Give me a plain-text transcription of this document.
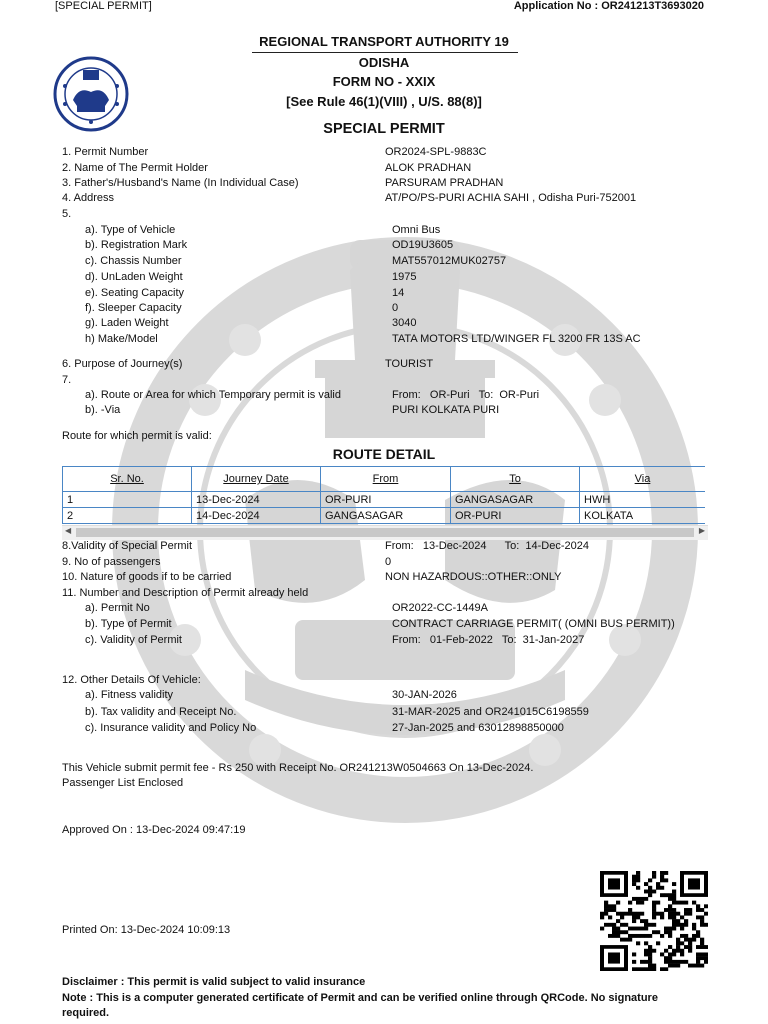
[SPECIAL PERMIT]	Application No : OR241213T3693020
REGIONAL TRANSPORT AUTHORITY 19
ODISHA
FORM NO - XXIX
[See Rule 46(1)(VIII) , U/S. 88(8)]
SPECIAL PERMIT
1. Permit Number	OR2024-SPL-9883C
2. Name of The Permit Holder	ALOK PRADHAN
3. Father's/Husband's Name (In Individual Case)	PARSURAM PRADHAN
4. Address	AT/PO/PS-PURI ACHIA SAHI , Odisha Puri-752001
5.
a). Type of Vehicle	Omni Bus
b). Registration Mark	OD19U3605
c). Chassis Number	MAT557012MUK02757
d). UnLaden Weight	1975
e). Seating Capacity	14
f). Sleeper Capacity	0
g). Laden Weight	3040
h) Make/Model	TATA MOTORS LTD/WINGER FL 3200 FR 13S AC
6. Purpose of Journey(s)	TOURIST
7.
a). Route or Area for which Temporary permit is valid	From:   OR-Puri   To:  OR-Puri
b). -Via	PURI KOLKATA PURI
Route for which permit is valid:
ROUTE DETAIL
Sr. No.	Journey Date	From	To	Via
1	13-Dec-2024	OR-PURI	GANGASAGAR	HWH
2	14-Dec-2024	GANGASAGAR	OR-PURI	KOLKATA
◀	▶
8.Validity of Special Permit	From:   13-Dec-2024      To:  14-Dec-2024
9. No of passengers	0
10. Nature of goods if to be carried	NON HAZARDOUS::OTHER::ONLY
11. Number and Description of Permit already held
a). Permit No	OR2022-CC-1449A
b). Type of Permit	CONTRACT CARRIAGE PERMIT( (OMNI BUS PERMIT))
c). Validity of Permit	From:   01-Feb-2022   To:  31-Jan-2027
12. Other Details Of Vehicle:
a). Fitness validity	30-JAN-2026
b). Tax validity and Receipt No.	31-MAR-2025 and OR241015C6198559
c). Insurance validity and Policy No	27-Jan-2025 and 63012898850000
This Vehicle submit permit fee - Rs 250 with Receipt No. OR241213W0504663 On 13-Dec-2024.
Passenger List Enclosed
Approved On : 13-Dec-2024 09:47:19
Printed On: 13-Dec-2024 10:09:13
Disclaimer : This permit is valid subject to valid insurance
Note : This is a computer generated certificate of Permit and can be verified online through QRCode. No signature
required.
